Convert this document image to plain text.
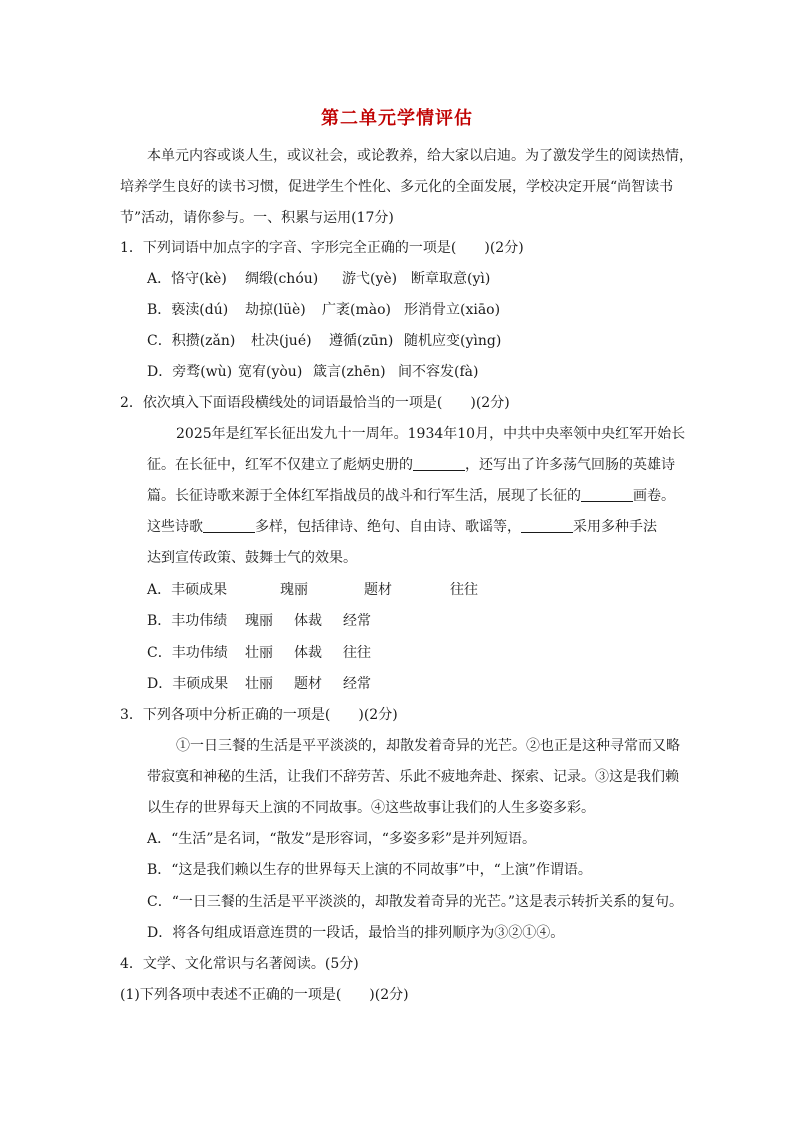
第二单元学情评估
本单元内容或谈人生，或议社会，或论教养，给大家以启迪。为了激发学生的阅读热情，
培养学生良好的读书习惯，促进学生个性化、多元化的全面发展，学校决定开展“尚智读书
节”活动，请你参与。一、积累与运用(17分)
1．下列词语中加点字的字音、字形完全正确的一项是(　　)(2分)
A．恪守(kè) 绸缎(chóu) 游弋(yè) 断章取意(yì)
B．亵渎(dú) 劫掠(lüè) 广袤(mào) 形消骨立(xiāo)
C．积攒(zǎn) 杜决(jué) 遵循(zūn) 随机应变(yìng)
D．旁骛(wù) 宽宥(yòu) 箴言(zhēn) 间不容发(fà)
2．依次填入下面语段横线处的词语最恰当的一项是(　　)(2分)
2025年是红军长征出发九十一周年。1934年10月，中共中央率领中央红军开始长
征。在长征中，红军不仅建立了彪炳史册的	，还写出了许多荡气回肠的英雄诗
篇。长征诗歌来源于全体红军指战员的战斗和行军生活，展现了长征的	画卷。
这些诗歌	多样，包括律诗、绝句、自由诗、歌谣等，	采用多种手法
达到宣传政策、鼓舞士气的效果。
A．丰硕成果	瑰丽	题材	往往
B．丰功伟绩 瑰丽 体裁 经常
C．丰功伟绩 壮丽 体裁 往往
D．丰硕成果 壮丽 题材 经常
3．下列各项中分析正确的一项是(　　)(2分)
①一日三餐的生活是平平淡淡的，却散发着奇异的光芒。②也正是这种寻常而又略
带寂寞和神秘的生活，让我们不辞劳苦、乐此不疲地奔赴、探索、记录。③这是我们赖
以生存的世界每天上演的不同故事。④这些故事让我们的人生多姿多彩。
A．“生活”是名词，“散发”是形容词，“多姿多彩”是并列短语。
B．“这是我们赖以生存的世界每天上演的不同故事”中，“上演”作谓语。
C．“一日三餐的生活是平平淡淡的，却散发着奇异的光芒。”这是表示转折关系的复句。
D．将各句组成语意连贯的一段话，最恰当的排列顺序为③②①④。
4．文学、文化常识与名著阅读。(5分)
(1)下列各项中表述不正确的一项是(　　)(2分)
